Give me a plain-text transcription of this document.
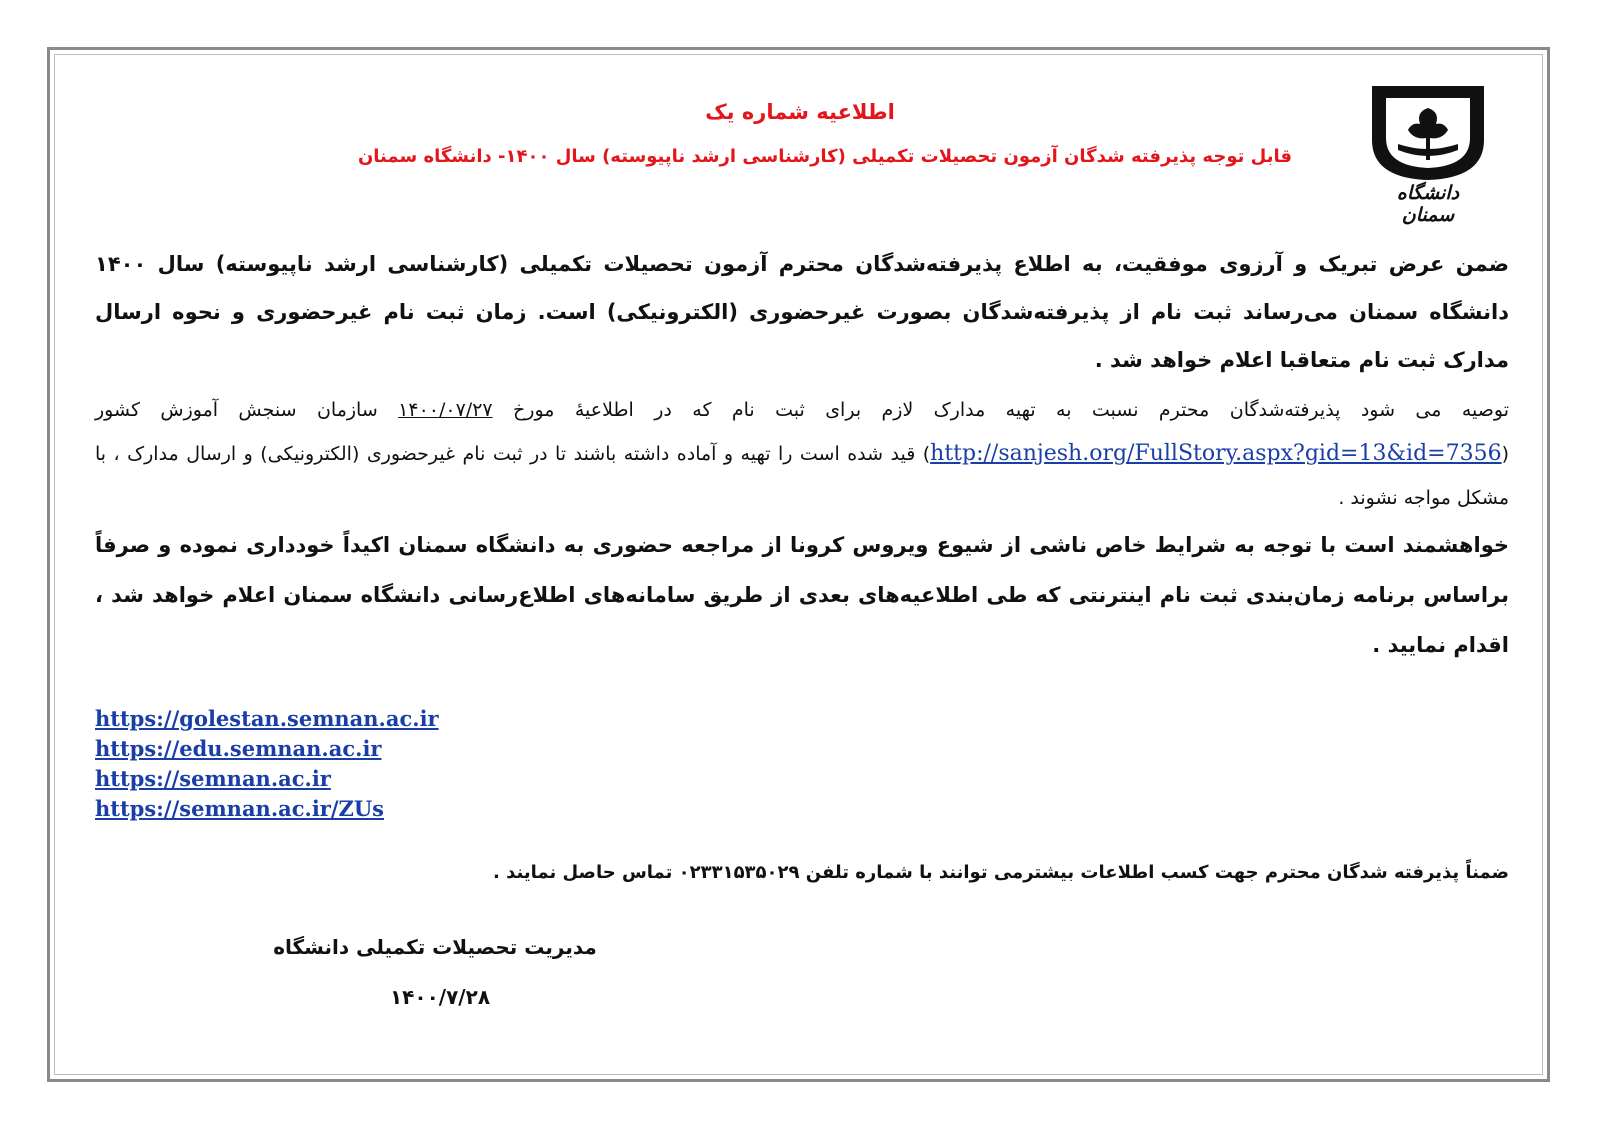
دانشگاه سمنان
اطلاعیه شماره یک
قابل توجه پذیرفته شدگان آزمون تحصیلات تکمیلی (کارشناسی ارشد ناپیوسته) سال ۱۴۰۰- دانشگاه سمنان
ضمن عرض تبریک و آرزوی موفقیت، به اطلاع پذیرفته‌شدگان محترم آزمون تحصیلات تکمیلی (کارشناسی ارشد ناپیوسته) سال ۱۴۰۰ دانشگاه سمنان می‌رساند ثبت نام از پذیرفته‌شدگان بصورت غیرحضوری (الکترونیکی) است. زمان ثبت نام غیرحضوری و نحوه ارسال مدارک ثبت نام متعاقبا اعلام خواهد شد .
توصیه می شود پذیرفته‌شدگان محترم نسبت به تهیه مدارک لازم برای ثبت نام که در اطلاعیهٔ مورخ ۱۴۰۰/۰۷/۲۷ سازمان سنجش آموزش کشور (http://sanjesh.org/FullStory.aspx?gid=13&id=7356) قید شده است را تهیه و آماده داشته باشند تا در ثبت نام غیرحضوری (الکترونیکی) و ارسال مدارک ، با مشکل مواجه نشوند .
خواهشمند است با توجه به شرایط خاص ناشی از شیوع ویروس کرونا از مراجعه حضوری به دانشگاه سمنان اکیداً خودداری نموده و صرفاً براساس برنامه زمان‌بندی ثبت نام اینترنتی که طی اطلاعیه‌های بعدی از طریق سامانه‌های اطلاع‌رسانی دانشگاه سمنان اعلام خواهد شد ، اقدام نمایید .
https://golestan.semnan.ac.ir
https://edu.semnan.ac.ir
https://semnan.ac.ir
https://semnan.ac.ir/ZUs
ضمناً پذیرفته شدگان محترم جهت کسب اطلاعات بیشترمی توانند با شماره تلفن ۰۲۳۳۱۵۳۵۰۲۹ تماس حاصل نمایند .
مدیریت تحصیلات تکمیلی دانشگاه
۱۴۰۰/۷/۲۸
